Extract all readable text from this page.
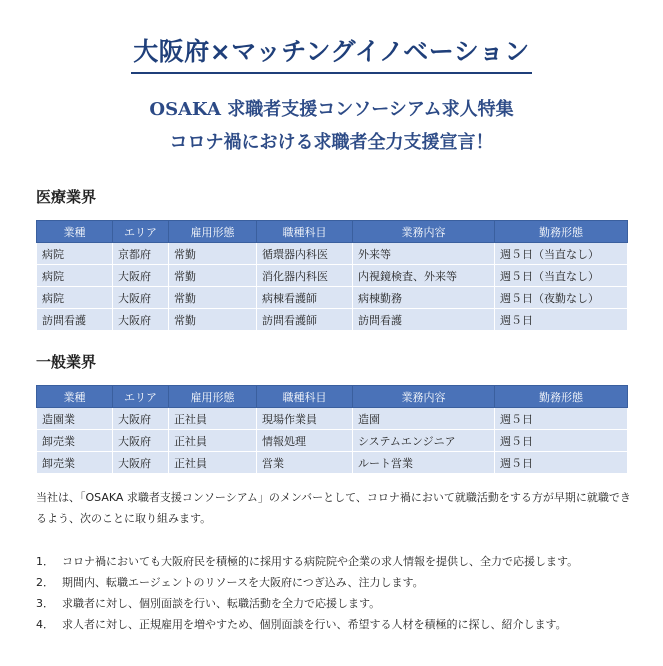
大阪府×マッチングイノベーション
OSAKA 求職者支援コンソーシアム求人特集
コロナ禍における求職者全力支援宣言！
医療業界
業種	エリア	雇用形態	職種科目	業務内容	勤務形態
病院	京都府	常勤	循環器内科医	外来等	週５日（当直なし）
病院	大阪府	常勤	消化器内科医	内視鏡検査、外来等	週５日（当直なし）
病院	大阪府	常勤	病棟看護師	病棟勤務	週５日（夜勤なし）
訪問看護	大阪府	常勤	訪問看護師	訪問看護	週５日
一般業界
業種	エリア	雇用形態	職種科目	業務内容	勤務形態
造園業	大阪府	正社員	現場作業員	造園	週５日
卸売業	大阪府	正社員	情報処理	システムエンジニア	週５日
卸売業	大阪府	正社員	営業	ルート営業	週５日

当社は、「OSAKA 求職者支援コンソーシアム」のメンバーとして、コロナ禍において就職活動をする方が早期に就職できるよう、次のことに取り組みます。

1． コロナ禍においても大阪府民を積極的に採用する病院院や企業の求人情報を提供し、全力で応援します。
2． 期間内、転職エージェントのリソースを大阪府につぎ込み、注力します。
3． 求職者に対し、個別面談を行い、転職活動を全力で応援します。
4． 求人者に対し、正規雇用を増やすため、個別面談を行い、希望する人材を積極的に探し、紹介します。
